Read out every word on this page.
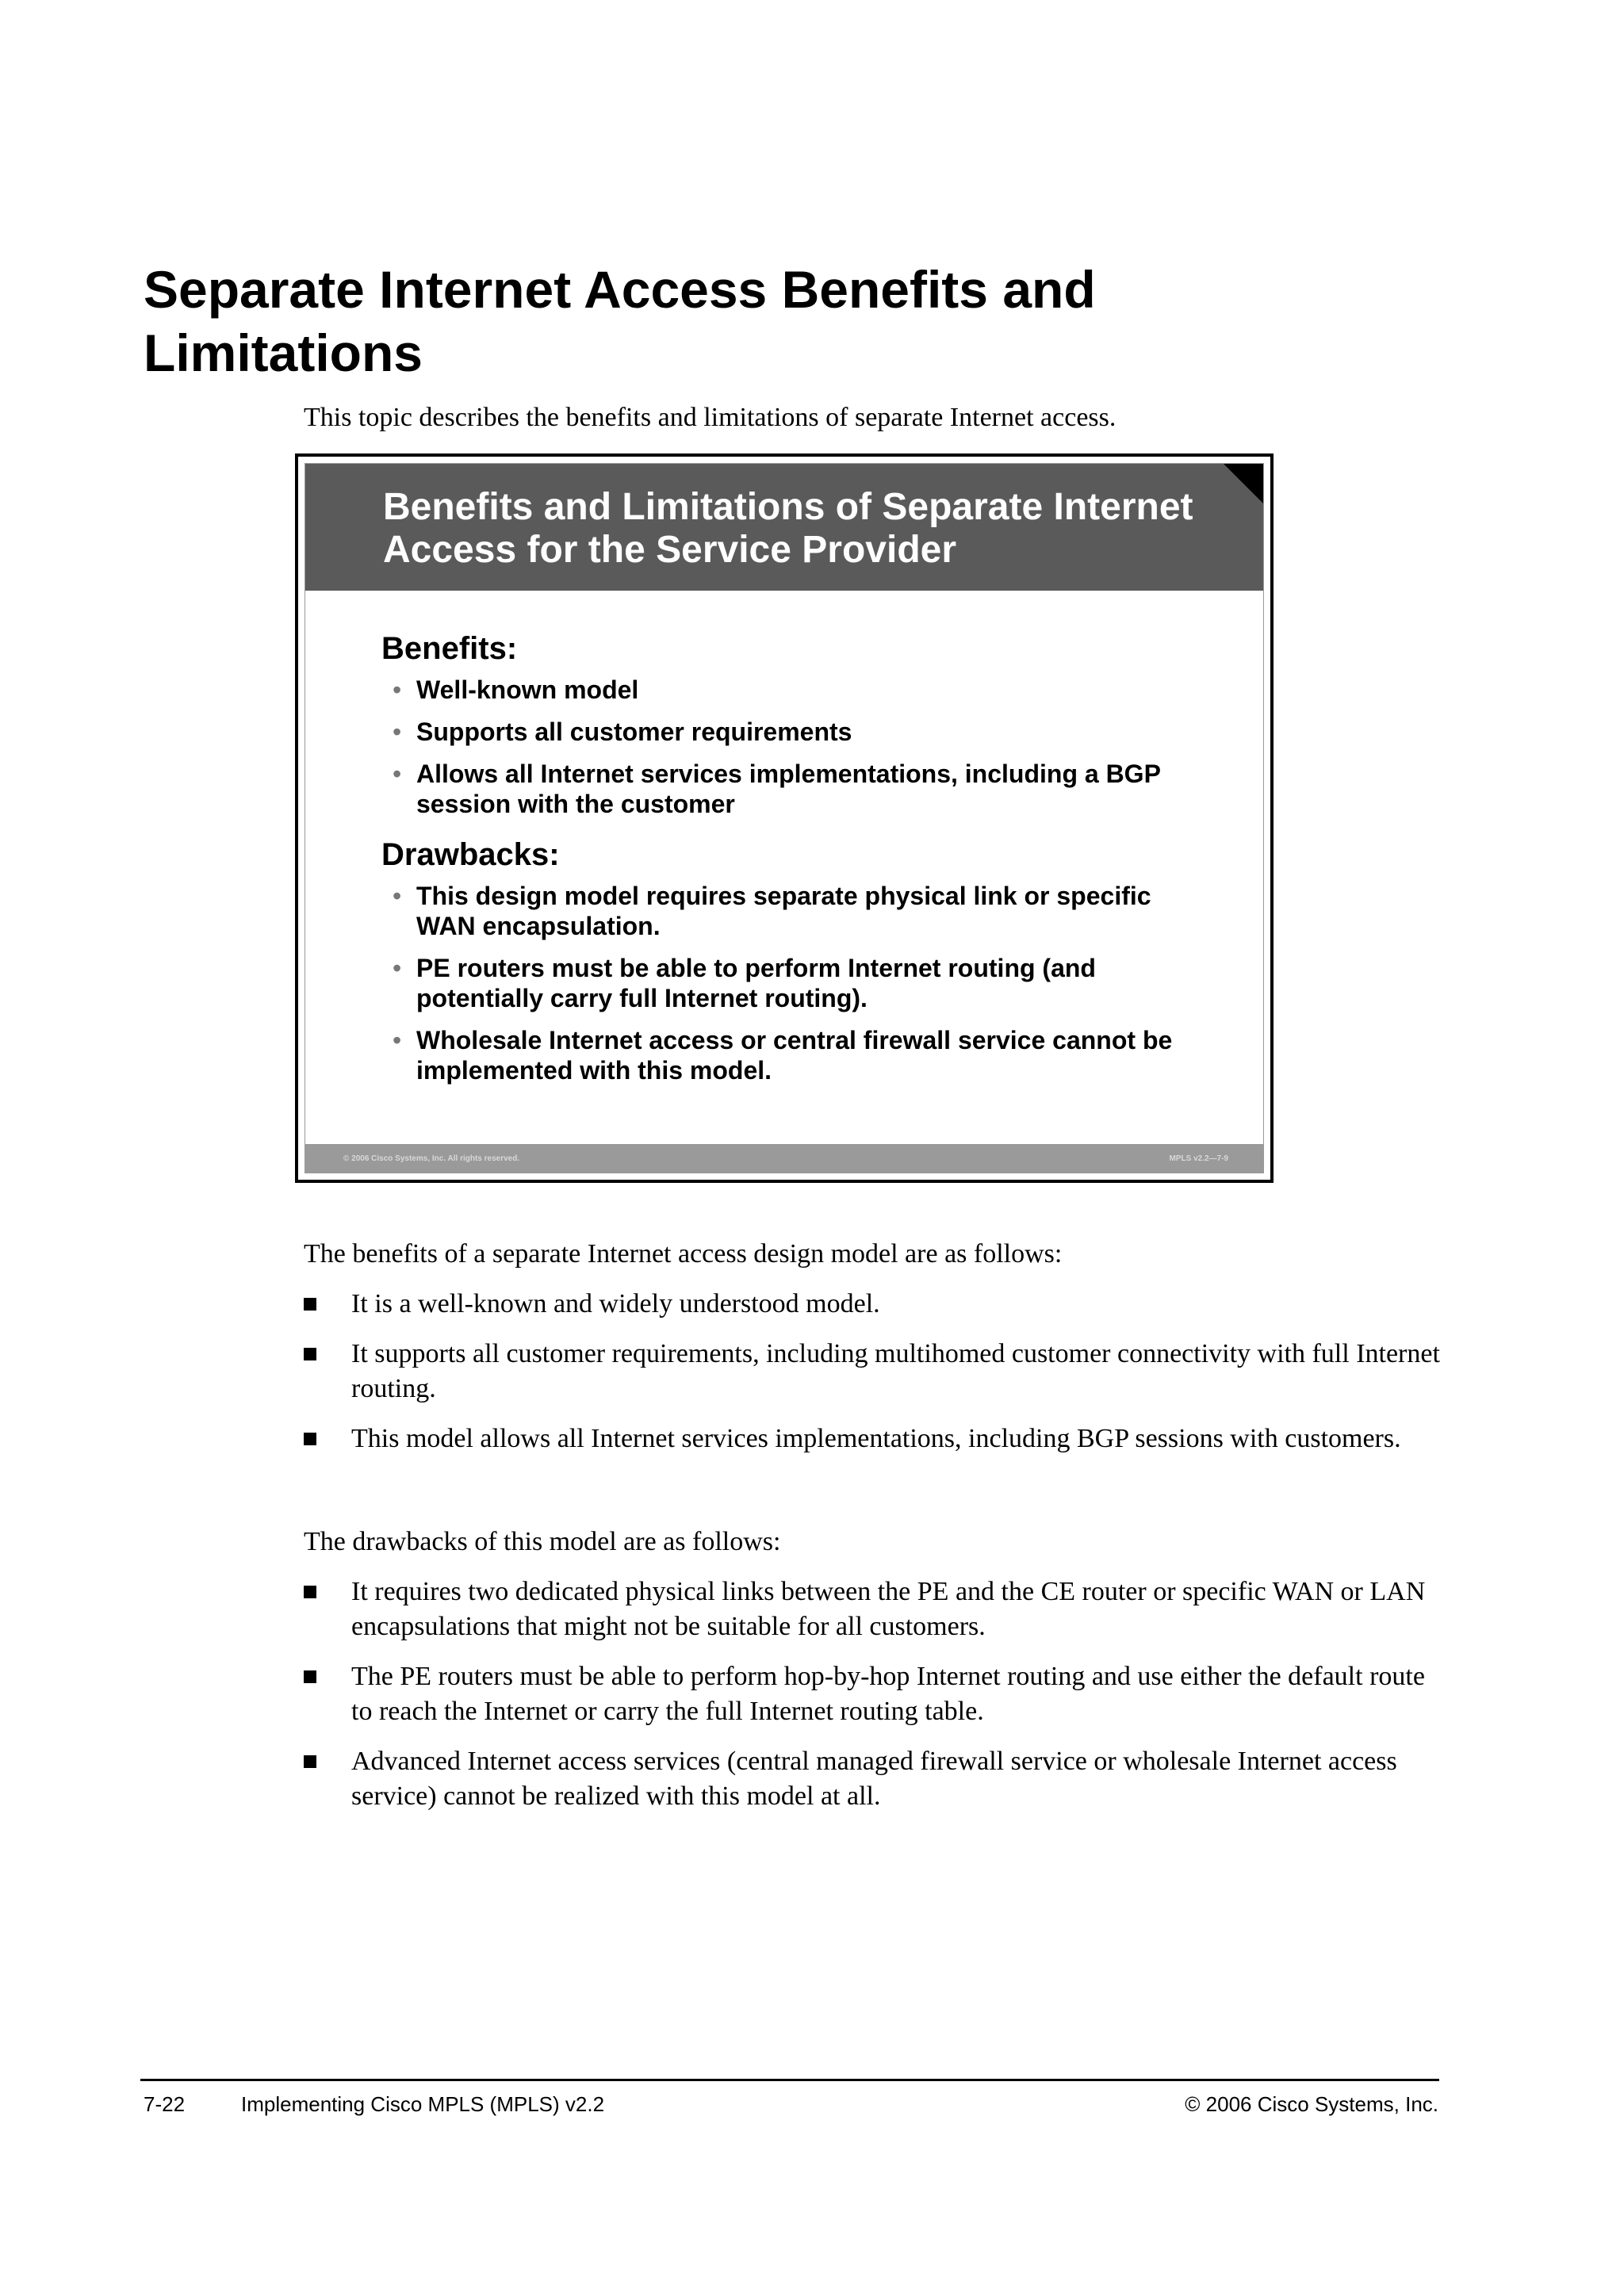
Separate Internet Access Benefits and Limitations

This topic describes the benefits and limitations of separate Internet access.

Benefits and Limitations of Separate Internet Access for the Service Provider
Benefits:
• Well-known model
• Supports all customer requirements
• Allows all Internet services implementations, including a BGP session with the customer
Drawbacks:
• This design model requires separate physical link or specific WAN encapsulation.
• PE routers must be able to perform Internet routing (and potentially carry full Internet routing).
• Wholesale Internet access or central firewall service cannot be implemented with this model.
© 2006 Cisco Systems, Inc. All rights reserved.	MPLS v2.2—7-9

The benefits of a separate Internet access design model are as follows:

It is a well-known and widely understood model.
It supports all customer requirements, including multihomed customer connectivity with full Internet routing.
This model allows all Internet services implementations, including BGP sessions with customers.

The drawbacks of this model are as follows:

It requires two dedicated physical links between the PE and the CE router or specific WAN or LAN encapsulations that might not be suitable for all customers.
The PE routers must be able to perform hop-by-hop Internet routing and use either the default route to reach the Internet or carry the full Internet routing table.
Advanced Internet access services (central managed firewall service or wholesale Internet access service) cannot be realized with this model at all.

7-22	Implementing Cisco MPLS (MPLS) v2.2	© 2006 Cisco Systems, Inc.
